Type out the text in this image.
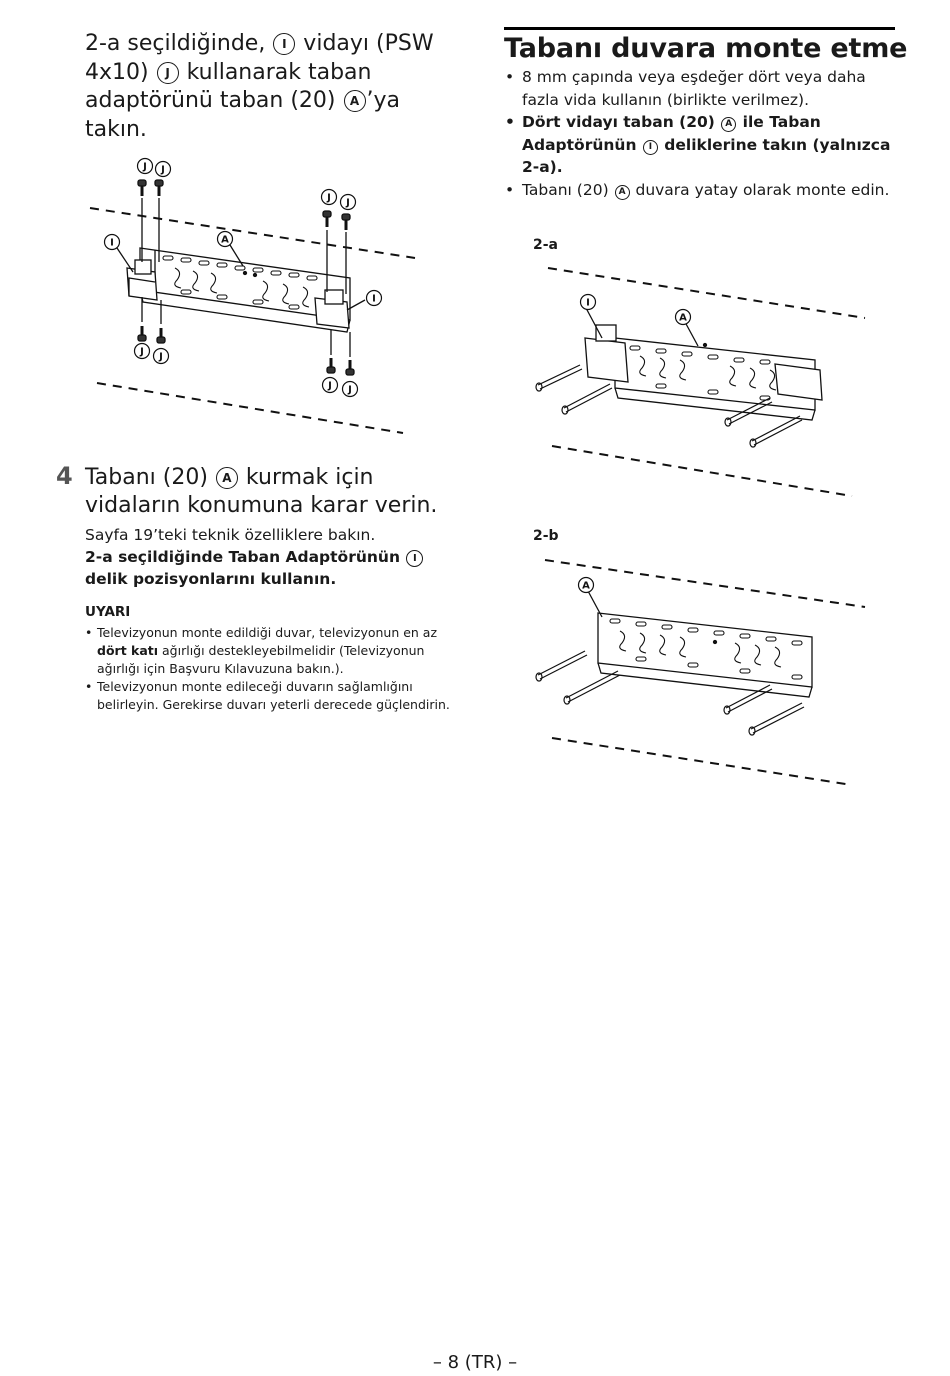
2-a seçildiğinde, I vidayı (PSW 4x10) J kullanarak taban adaptörünü taban (20) A ’ya takın.
J J
J J
I	A
I
J J
J J
4 Tabanı (20) A kurmak için vidaların konumuna karar verin.
Sayfa 19’teki teknik özelliklere bakın.
2-a seçildiğinde Taban Adaptörünün I delik pozisyonlarını kullanın.
UYARI
• Televizyonun monte edildiği duvar, televizyonun en az dört katı ağırlığı destekleyebilmelidir (Televizyonun ağırlığı için Başvuru Kılavuzuna bakın.).
• Televizyonun monte edileceği duvarın sağlamlığını belirleyin. Gerekirse duvarı yeterli derecede güçlendirin.
Tabanı duvara monte etme
• 8 mm çapında veya eşdeğer dört veya daha fazla vida kullanın (birlikte verilmez).
• Dört vidayı taban (20) A ile Taban Adaptörünün I deliklerine takın (yalnızca 2-a).
• Tabanı (20) A duvara yatay olarak monte edin.
2-a
I
A
2-b
A
– 8 (TR) –
